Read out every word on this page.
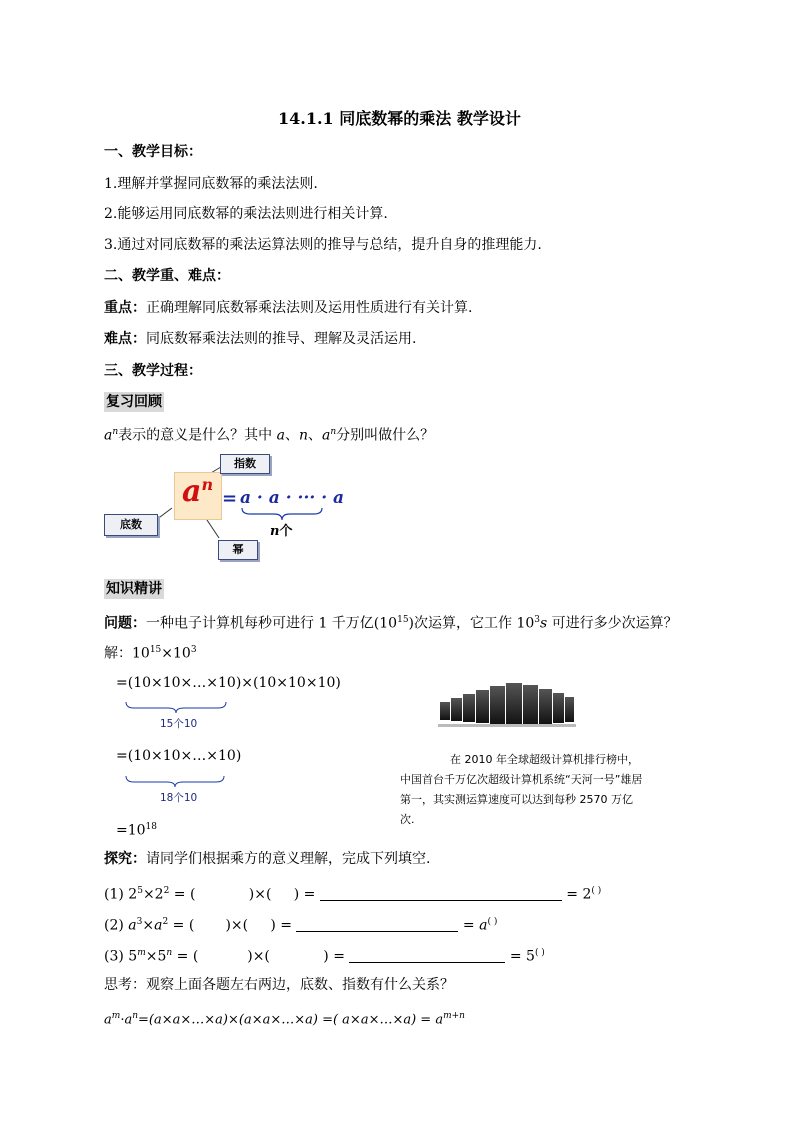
14.1.1 同底数幂的乘法 教学设计
一、教学目标：
1.理解并掌握同底数幂的乘法法则.
2.能够运用同底数幂的乘法法则进行相关计算.
3.通过对同底数幂的乘法运算法则的推导与总结，提升自身的推理能力.
二、教学重、难点：
重点：正确理解同底数幂乘法法则及运用性质进行有关计算.
难点：同底数幂乘法法则的推导、理解及灵活运用.
三、教学过程：
复习回顾
$a^n$表示的意义是什么？其中 a、n、$a^n$分别叫做什么？
$a^n$
指数
底数
幂
= a · a · ··· · a
n个
知识精讲
问题：一种电子计算机每秒可进行 1 千万亿$(10^{15})$次运算，它工作 $10^3s$ 可进行多少次运算？
解：$10^{15}\times 10^3$
=(10×10×…×10)×(10×10×10)
15个10
=(10×10×…×10)
18个10
$=10^{18}$
在 2010 年全球超级计算机排行榜中，中国首台千万亿次超级计算机系统“天河一号”雄居第一，其实测运算速度可以达到每秒 2570 万亿次.
探究：请同学们根据乘方的意义理解，完成下列填空.
(1) $2^5\times 2^2$ = (            )×(     ) =	= 2( )
(2) $a^3\times a^2$ = (       )×(     ) =	= a( )
(3) $5^m\times 5^n$ = (           )×(            ) =	= 5( )
思考：观察上面各题左右两边，底数、指数有什么关系？
$a^m\cdot a^n=(a\times a\times\dots\times a)\times(a\times a\times\dots\times a)$ =( a×a×…×a) = $a^{m+n}$
